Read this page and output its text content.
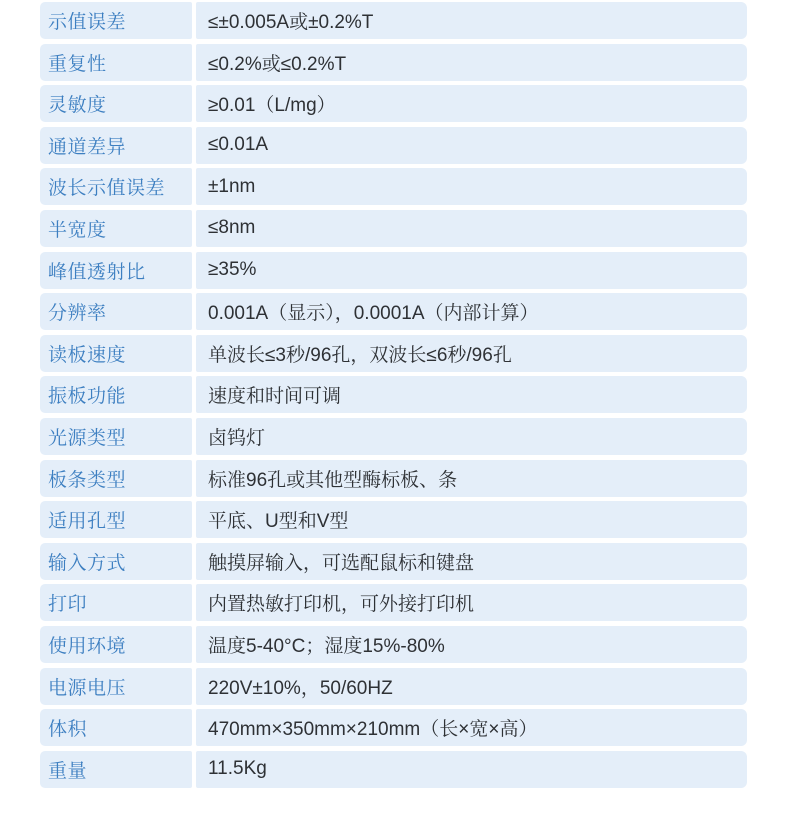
示值误差	≤±0.005A或±0.2%T
重复性	≤0.2%或≤0.2%T
灵敏度	≥0.01（L/mg）
通道差异	≤0.01A
波长示值误差	±1nm
半宽度	≤8nm
峰值透射比	≥35%
分辨率	0.001A（显示），0.0001A（内部计算）
读板速度	单波长≤3秒/96孔，双波长≤6秒/96孔
振板功能	速度和时间可调
光源类型	卤钨灯
板条类型	标准96孔或其他型酶标板、条
适用孔型	平底、U型和V型
输入方式	触摸屏输入，可选配鼠标和键盘
打印	内置热敏打印机，可外接打印机
使用环境	温度5-40°C；湿度15%-80%
电源电压	220V±10%，50/60HZ
体积	470mm×350mm×210mm（长×宽×高）
重量	11.5Kg
